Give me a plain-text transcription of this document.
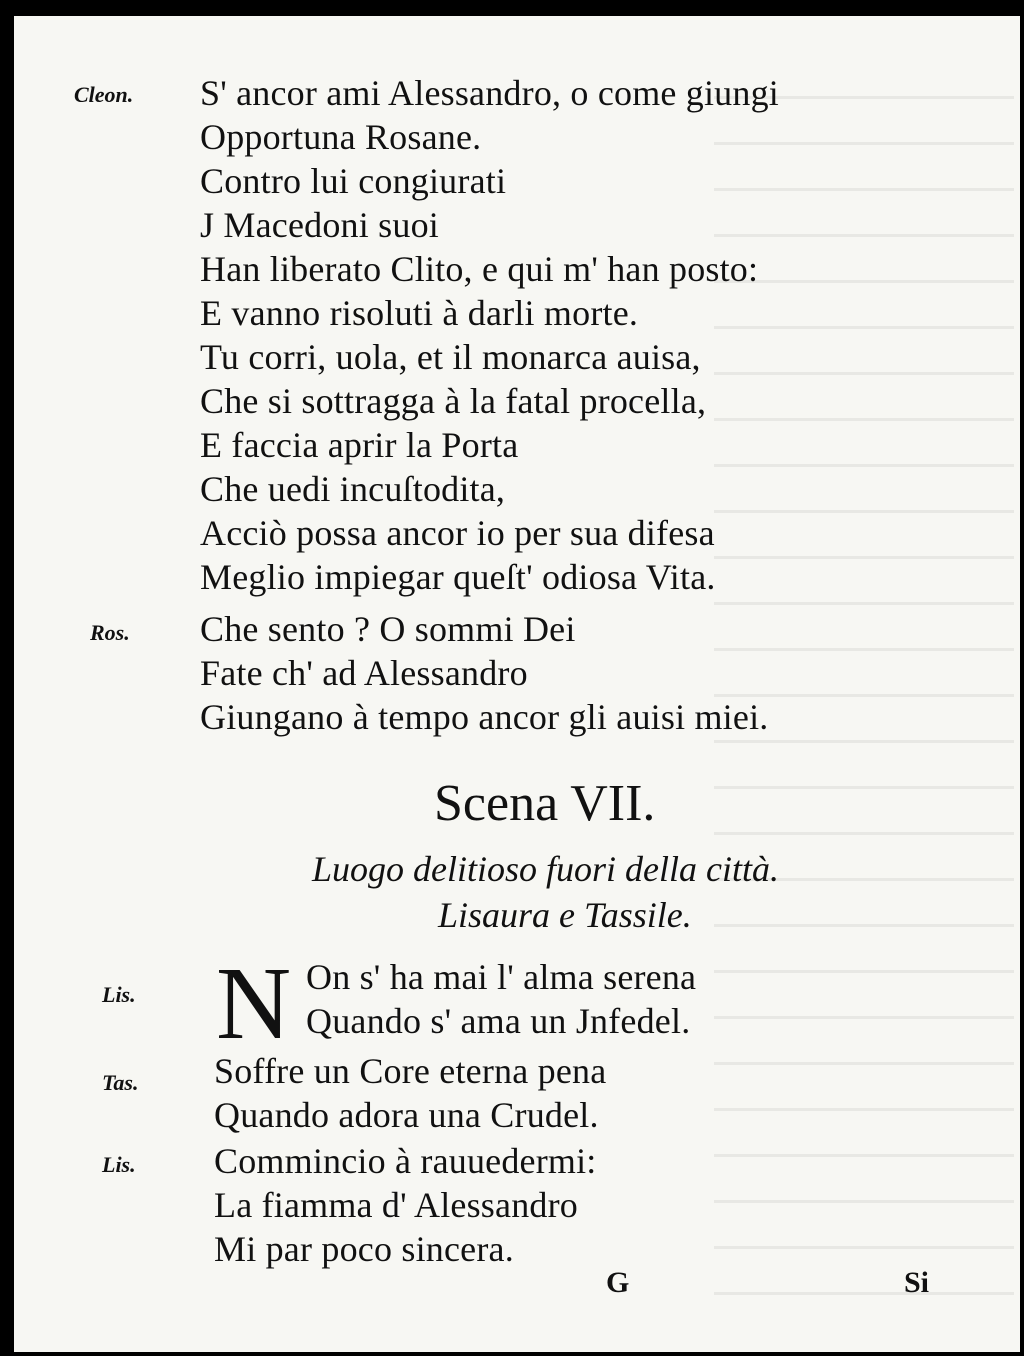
Cleon. S' ancor ami Alessandro, o come giungi
Opportuna Rosane.
Contro lui congiurati
J Macedoni suoi
Han liberato Clito, e qui m' han posto:
E vanno risoluti à darli morte.
Tu corri, uola, et il monarca auisa,
Che si sottragga à la fatal procella,
E faccia aprir la Porta
Che uedi incuſtodita,
Acciò possa ancor io per sua difesa
Meglio impiegar queſt' odiosa Vita.
Ros. Che sento ? O sommi Dei
Fate ch' ad Alessandro
Giungano à tempo ancor gli auisi miei.
Scena VII.
Luogo delitioso fuori della città.
Lisaura e Tassile.
Lis. N On s' ha mai l' alma serena
Quando s' ama un Jnfedel.
Tas. Soffre un Core eterna pena
Quando adora una Crudel.
Lis. Commincio à rauuedermi:
La fiamma d' Alessandro
Mi par poco sincera.
G	Si
